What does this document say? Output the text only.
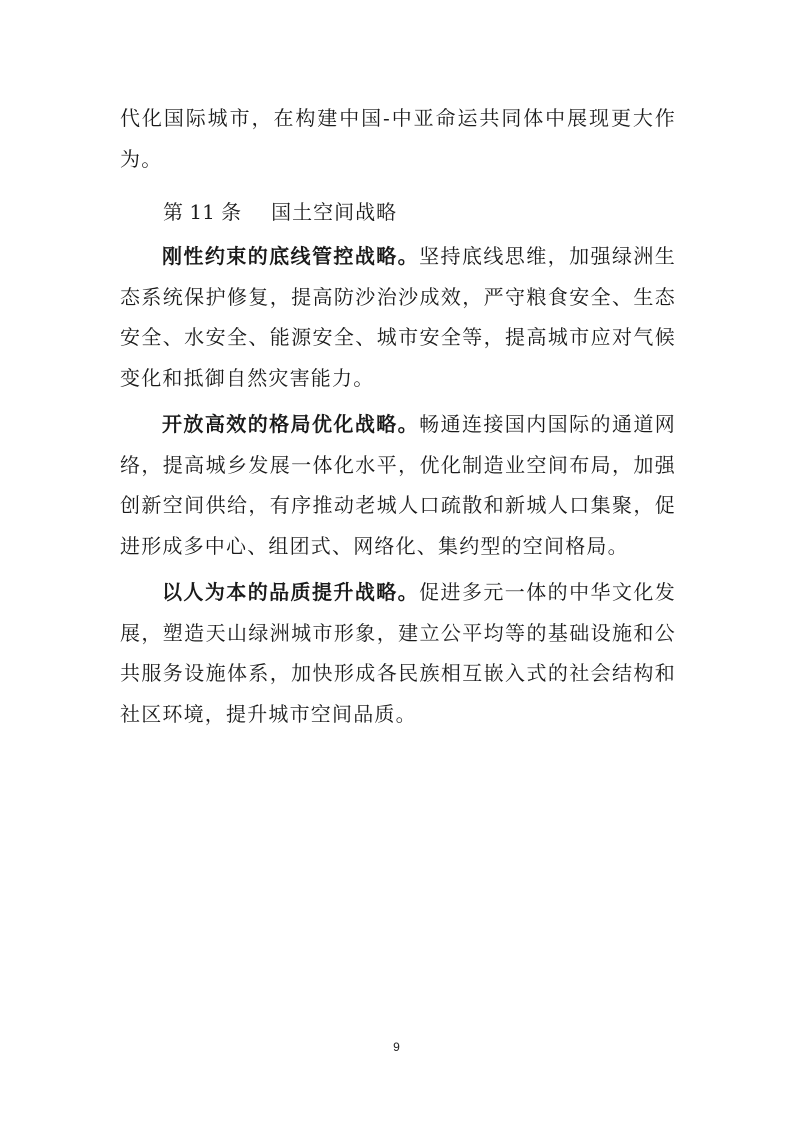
代化国际城市，在构建中国-中亚命运共同体中展现更大作为。

第 11 条 国土空间战略

刚性约束的底线管控战略。坚持底线思维，加强绿洲生态系统保护修复，提高防沙治沙成效，严守粮食安全、生态安全、水安全、能源安全、城市安全等，提高城市应对气候变化和抵御自然灾害能力。

开放高效的格局优化战略。畅通连接国内国际的通道网络，提高城乡发展一体化水平，优化制造业空间布局，加强创新空间供给，有序推动老城人口疏散和新城人口集聚，促进形成多中心、组团式、网络化、集约型的空间格局。

以人为本的品质提升战略。促进多元一体的中华文化发展，塑造天山绿洲城市形象，建立公平均等的基础设施和公共服务设施体系，加快形成各民族相互嵌入式的社会结构和社区环境，提升城市空间品质。

9
